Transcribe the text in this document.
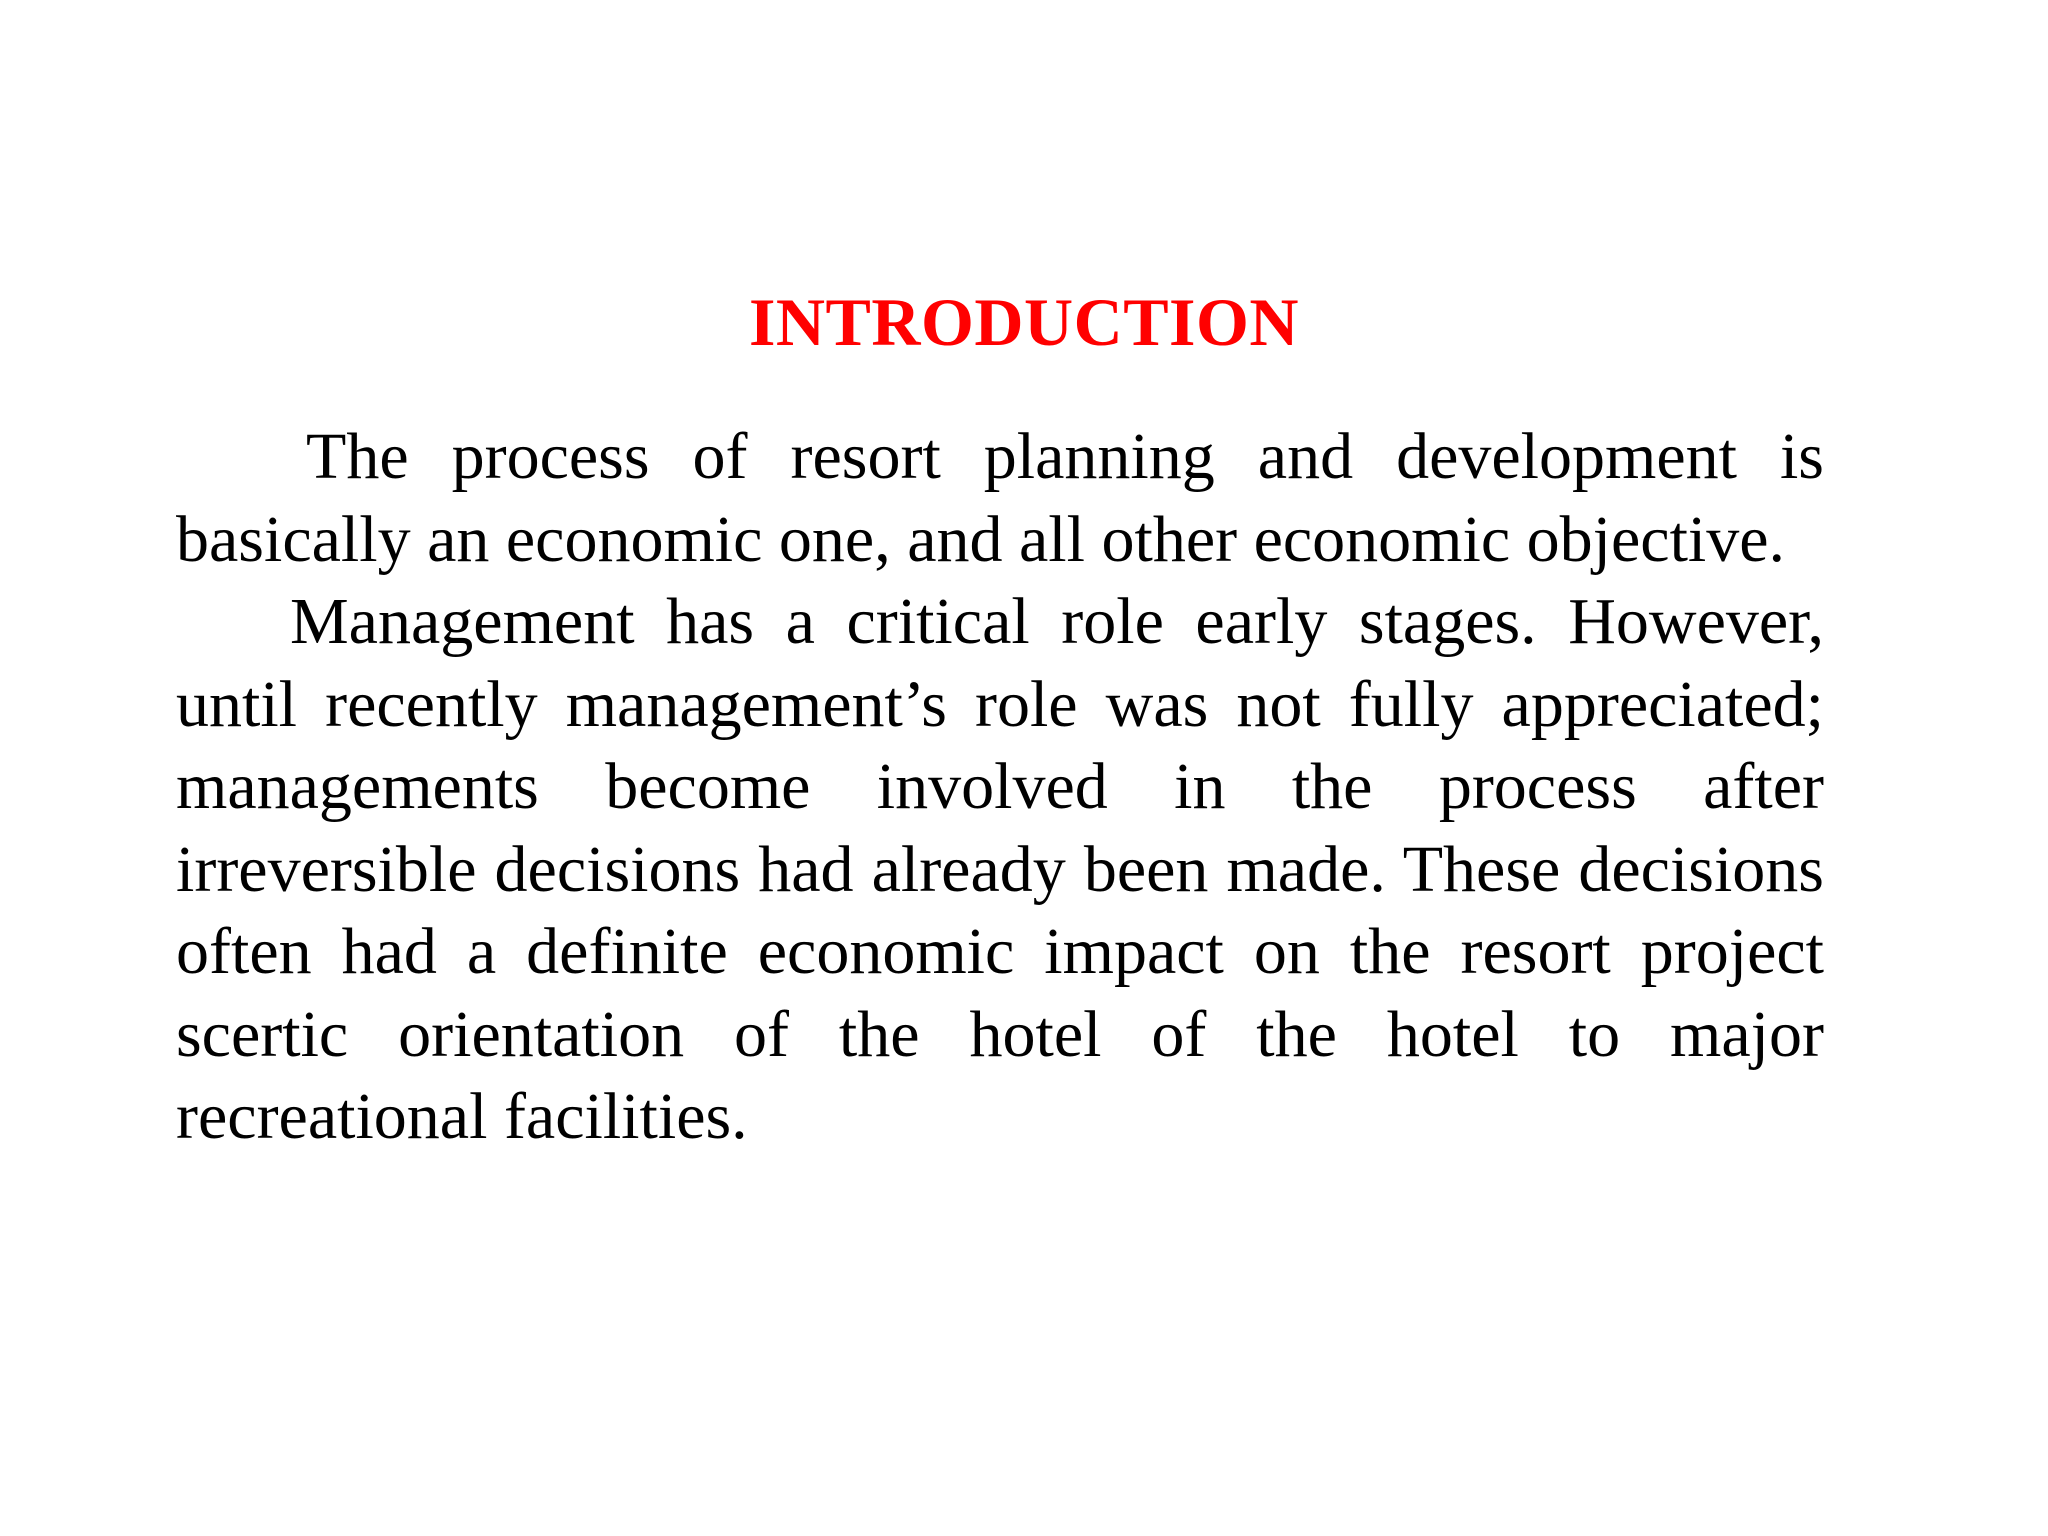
INTRODUCTION

The process of resort planning and development is basically an economic one, and all other economic objective.

Management has a critical role early stages. However, until recently management’s role was not fully appreciated; managements become involved in the process after irreversible decisions had already been made. These decisions often had a definite economic impact on the resort project scertic orientation of the hotel of the hotel to major recreational facilities.
